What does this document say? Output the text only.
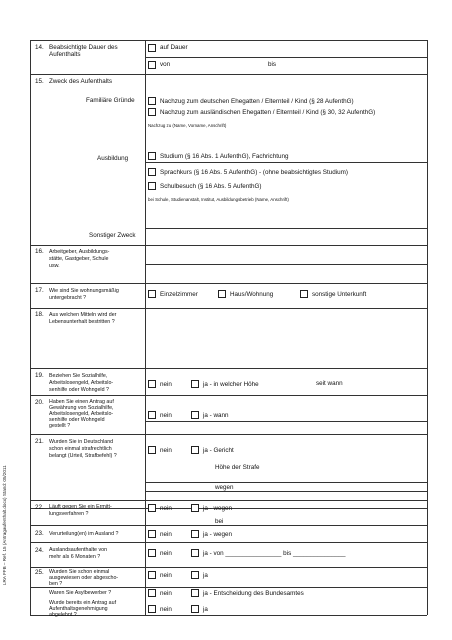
LRA FFB – Ref. 15 (Antragaufenthalt.docx) Stand: 05/2011
14. Beabsichtigte Dauer des
Aufenthalts
auf Dauer
von	bis
15. Zweck des Aufenthalts
Familiäre Gründe	Nachzug zum deutschen Ehegatten / Elternteil / Kind (§ 28 AufenthG)
Nachzug zum ausländischen Ehegatten / Elternteil / Kind (§ 30, 32 AufenthG)
Nachzug zu (Name, Vorname, Anschrift)
Ausbildung	Studium (§ 16 Abs. 1 AufenthG), Fachrichtung
Sprachkurs (§ 16 Abs. 5 AufenthG) - (ohne beabsichtigtes Studium)
Schulbesuch (§ 16 Abs. 5 AufenthG)
bei Schule, Studienanstalt, Institut, Ausbildungsbetrieb (Name, Anschrift)
Sonstiger Zweck
16. Arbeitgeber, Ausbildungs-
stätte, Gastgeber, Schule
usw.
17. Wie sind Sie wohnungsmäßig
untergebracht ?	Einzelzimmer	Haus/Wohnung	sonstige Unterkunft
18. Aus welchen Mitteln wird der
Lebensunterhalt bestritten ?
19. Beziehen Sie Sozialhilfe,
Arbeitslosengeld, Arbeitslo-
senhilfe oder Wohngeld ?
nein	ja - in welcher Höhe	seit wann
20. Haben Sie einen Antrag auf
Gewährung von Sozialhilfe,
Arbeitslosengeld, Arbeitslo-
senhilfe oder Wohngeld
gestellt ?
nein	ja - wann
21. Wurden Sie in Deutschland
schon einmal strafrechtlich
belangt (Urteil, Strafbefehl) ?
nein	ja - Gericht
Höhe der Strafe
wegen
22. Läuft gegen Sie ein Ermitt-
lungsverfahren ?
nein	ja - wegen
bei
23. Verurteilung(en) im Ausland ?	nein	ja - wegen
24. Auslandsaufenthalte von
mehr als 6 Monaten ?	nein	ja - von ________________ bis _______________
25. Wurden Sie schon einmal
ausgewiesen oder abgescho-
ben ?
nein	ja
Waren Sie Asylbewerber ?	nein	ja - Entscheidung des Bundesamtes
Wurde bereits ein Antrag auf
Aufenthaltsgenehmigung
abgelehnt ?
nein	ja
